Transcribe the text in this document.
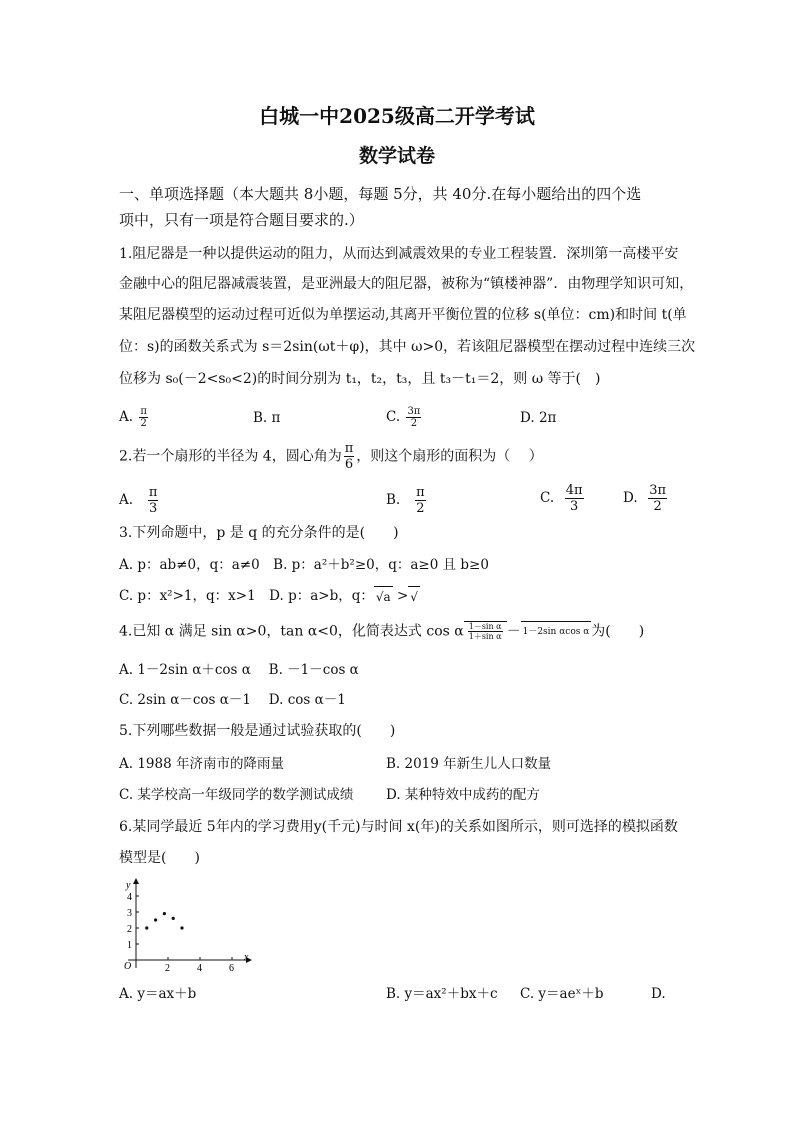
白城一中2025级高二开学考试
数学试卷
一、单项选择题（本大题共 8小题，每题 5分，共 40分.在每小题给出的四个选
项中，只有一项是符合题目要求的.）
1.阻尼器是一种以提供运动的阻力，从而达到减震效果的专业工程装置．深圳第一高楼平安
金融中心的阻尼器减震装置，是亚洲最大的阻尼器，被称为“镇楼神器”．由物理学知识可知，
某阻尼器模型的运动过程可近似为单摆运动,其离开平衡位置的位移 s(单位：cm)和时间 t(单
位：s)的函数关系式为 s＝2sin(ωt＋φ)，其中 ω>0，若该阻尼器模型在摆动过程中连续三次
位移为 s₀(－2<s₀<2)的时间分别为 t₁，t₂，t₃，且 t₃－t₁＝2，则 ω 等于(　)
A. $\frac{\pi}{2}$	B. π	C. $\frac{3\pi}{2}$	D. 2π
2.若一个扇形的半径为 4，圆心角为 $\frac{\pi}{6}$ ，则这个扇形的面积为（　 ）
A. $\frac{\pi}{3}$	B. $\frac{\pi}{2}$	C. $\frac{4\pi}{3}$	D. $\frac{3\pi}{2}$
3.下列命题中，p 是 q 的充分条件的是(　　)
A. p：ab≠0，q：a≠0　B. p：a²＋b²≥0，q：a≥0 且 b≥0
C. p：x²>1，q：x>1　D. p：a>b，q： √a > √
4.已知 α 满足 sin α>0，tan α<0，化简表达式 cos α $\frac{\text{1－sin α}}{\text{1＋sin α}} - 1-2\sin$ αcos α 为(　　)
A. 1－2sin α＋cos α　 B. －1－cos α
C. 2sin α－cos α－1　 D. cos α－1
5.下列哪些数据一般是通过试验获取的(　　)
A. 1988 年济南市的降雨量	B. 2019 年新生儿人口数量
C. 某学校高一年级同学的数学测试成绩 D. 某种特效中成药的配方
6.某同学最近 5年内的学习费用y(千元)与时间 x(年)的关系如图所示，则可选择的模拟函数
模型是(　　)
O
x
y
2	4	6
1
2
3
4
A. y＝ax＋b	B. y＝ax²＋bx＋c C. y＝aeˣ＋b	D.
